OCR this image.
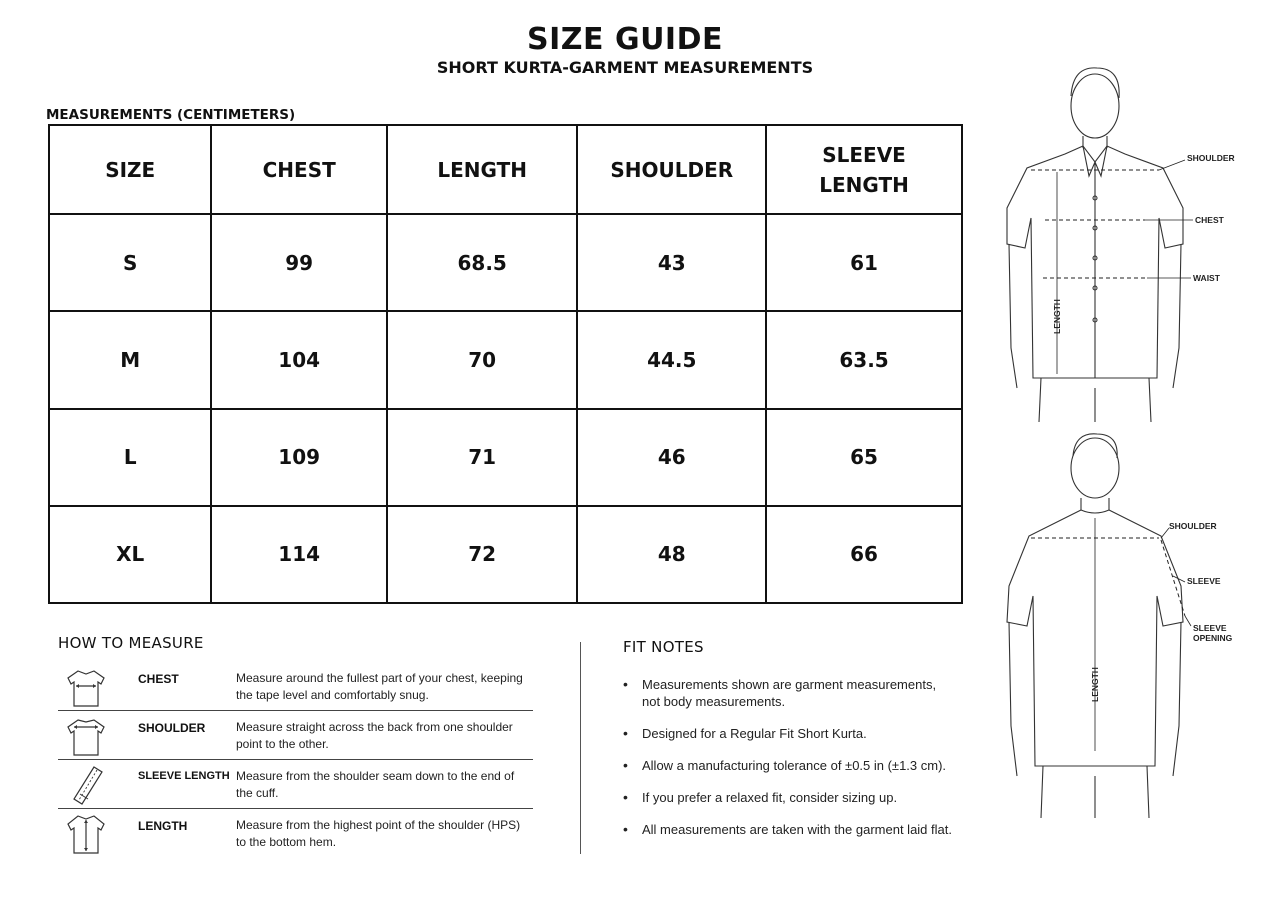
SIZE GUIDE
SHORT KURTA-GARMENT MEASUREMENTS
MEASUREMENTS (CENTIMETERS)
SIZE	CHEST	LENGTH	SHOULDER	SLEEVE LENGTH
S	99	68.5	43	61
M	104	70	44.5	63.5
L	109	71	46	65
XL	114	72	48	66
HOW TO MEASURE
CHEST	Measure around the fullest part of your chest, keeping the tape level and comfortably snug.
SHOULDER	Measure straight across the back from one shoulder point to the other.
SLEEVE LENGTH Measure from the shoulder seam down to the end of the cuff.
LENGTH	Measure from the highest point of the shoulder (HPS) to the bottom hem.
FIT NOTES
• Measurements shown are garment measurements, not body measurements.
• Designed for a Regular Fit Short Kurta.
• Allow a manufacturing tolerance of ±0.5 in (±1.3 cm).
• If you prefer a relaxed fit, consider sizing up.
• All measurements are taken with the garment laid flat.
SHOULDER
CHEST
WAIST
LENGTH
SHOULDER
SLEEVE
SLEEVE
OPENING
LENGTH
